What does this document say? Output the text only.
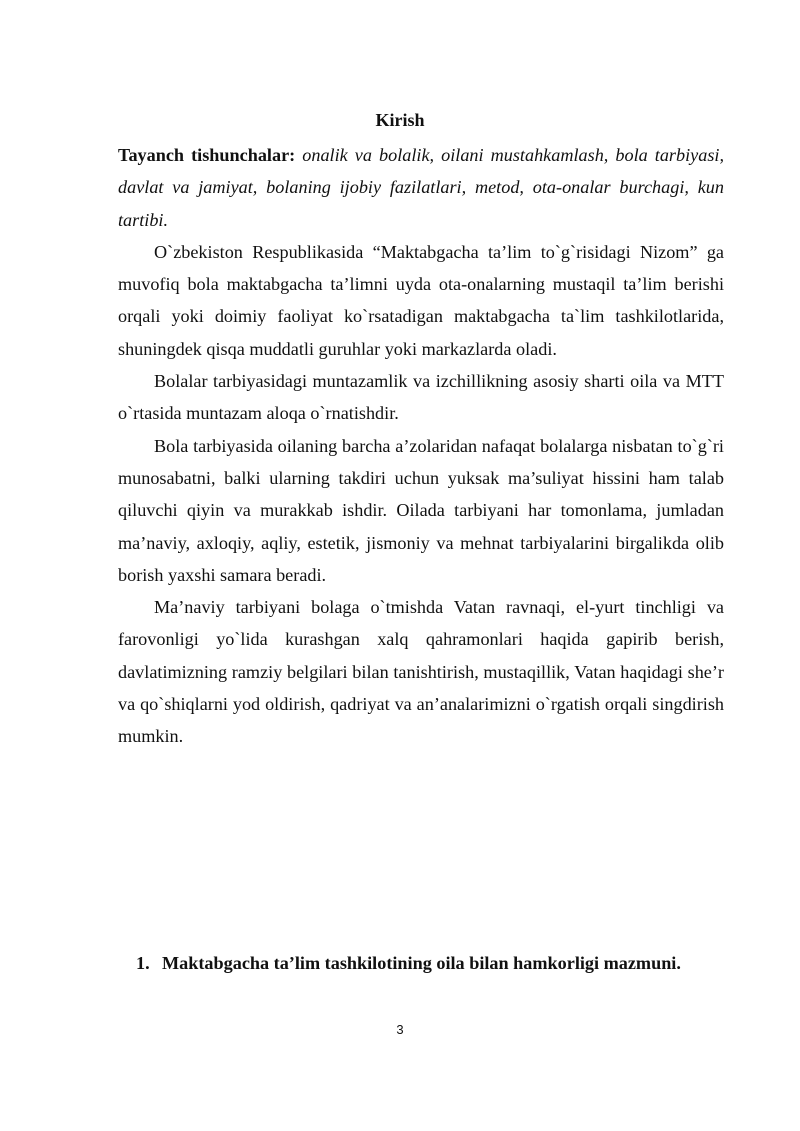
Kirish

Tayanch tishunchalar: onalik va bolalik, oilani mustahkamlash, bola tarbiyasi, davlat va jamiyat, bolaning ijobiy fazilatlari, metod, ota-onalar burchagi, kun tartibi.

O`zbekiston Respublikasida “Maktabgacha ta’lim to`g`risidagi Nizom” ga muvofiq bola maktabgacha ta’limni uyda ota-onalarning mustaqil ta’lim berishi orqali yoki doimiy faoliyat ko`rsatadigan maktabgacha ta`lim tashkilotlarida, shuningdek qisqa muddatli guruhlar yoki markazlarda oladi.

Bolalar tarbiyasidagi muntazamlik va izchillikning asosiy sharti oila va MTT o`rtasida muntazam aloqa o`rnatishdir.

Bola tarbiyasida oilaning barcha a’zolaridan nafaqat bolalarga nisbatan to`g`ri munosabatni, balki ularning takdiri uchun yuksak ma’suliyat hissini ham talab qiluvchi qiyin va murakkab ishdir. Oilada tarbiyani har tomonlama, jumladan ma’naviy, axloqiy, aqliy, estetik, jismoniy va mehnat tarbiyalarini birgalikda olib borish yaxshi samara beradi.

Ma’naviy tarbiyani bolaga o`tmishda Vatan ravnaqi, el-yurt tinchligi va farovonligi yo`lida kurashgan xalq qahramonlari haqida gapirib berish, davlatimizning ramziy belgilari bilan tanishtirish, mustaqillik, Vatan haqidagi she’r va qo`shiqlarni yod oldirish, qadriyat va an’analarimizni o`rgatish orqali singdirish mumkin.

1. Maktabgacha ta’lim tashkilotining oila bilan hamkorligi mazmuni.
3
